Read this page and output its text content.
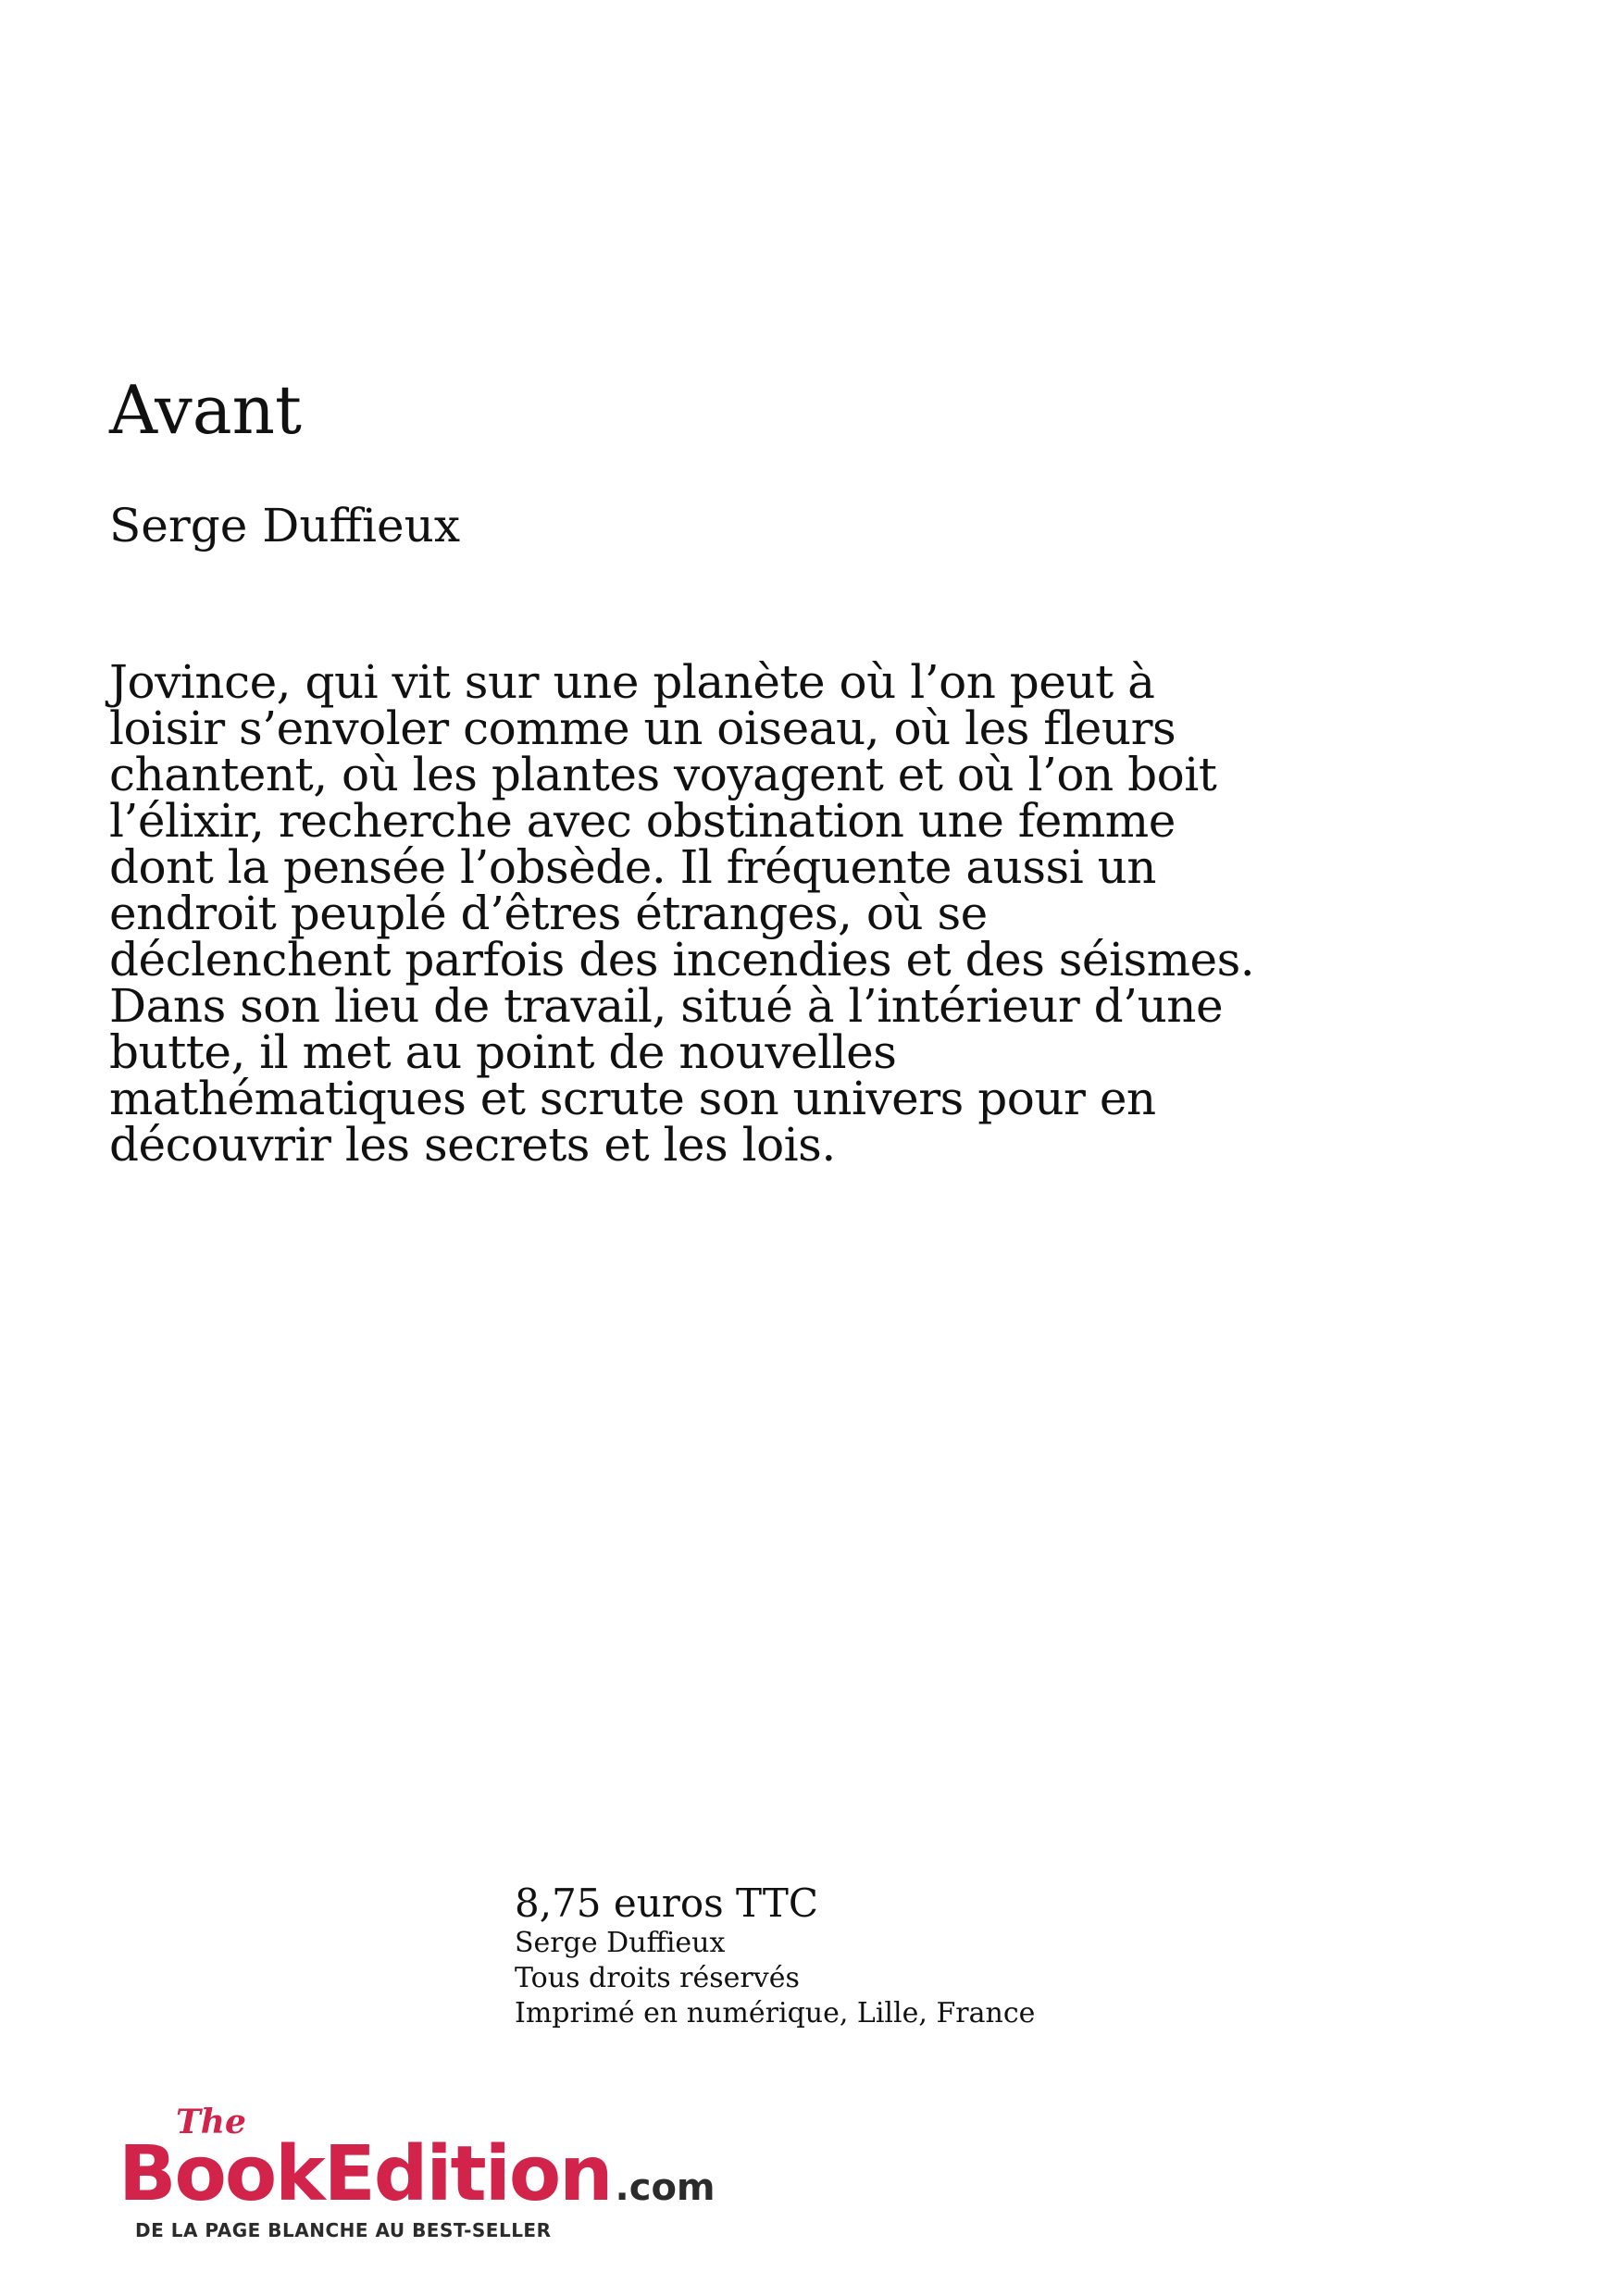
Avant

Serge Duffieux

Jovince, qui vit sur une planète où l’on peut à loisir s’envoler comme un oiseau, où les fleurs chantent, où les plantes voyagent et où l’on boit l’élixir, recherche avec obstination une femme dont la pensée l’obsède. Il fréquente aussi un endroit peuplé d’êtres étranges, où se déclenchent parfois des incendies et des séismes. Dans son lieu de travail, situé à l’intérieur d’une butte, il met au point de nouvelles mathématiques et scrute son univers pour en découvrir les secrets et les lois.

8,75 euros TTC
Serge Duffieux
Tous droits réservés
Imprimé en numérique, Lille, France
The
BookEdition .com
DE LA PAGE BLANCHE AU BEST-SELLER
